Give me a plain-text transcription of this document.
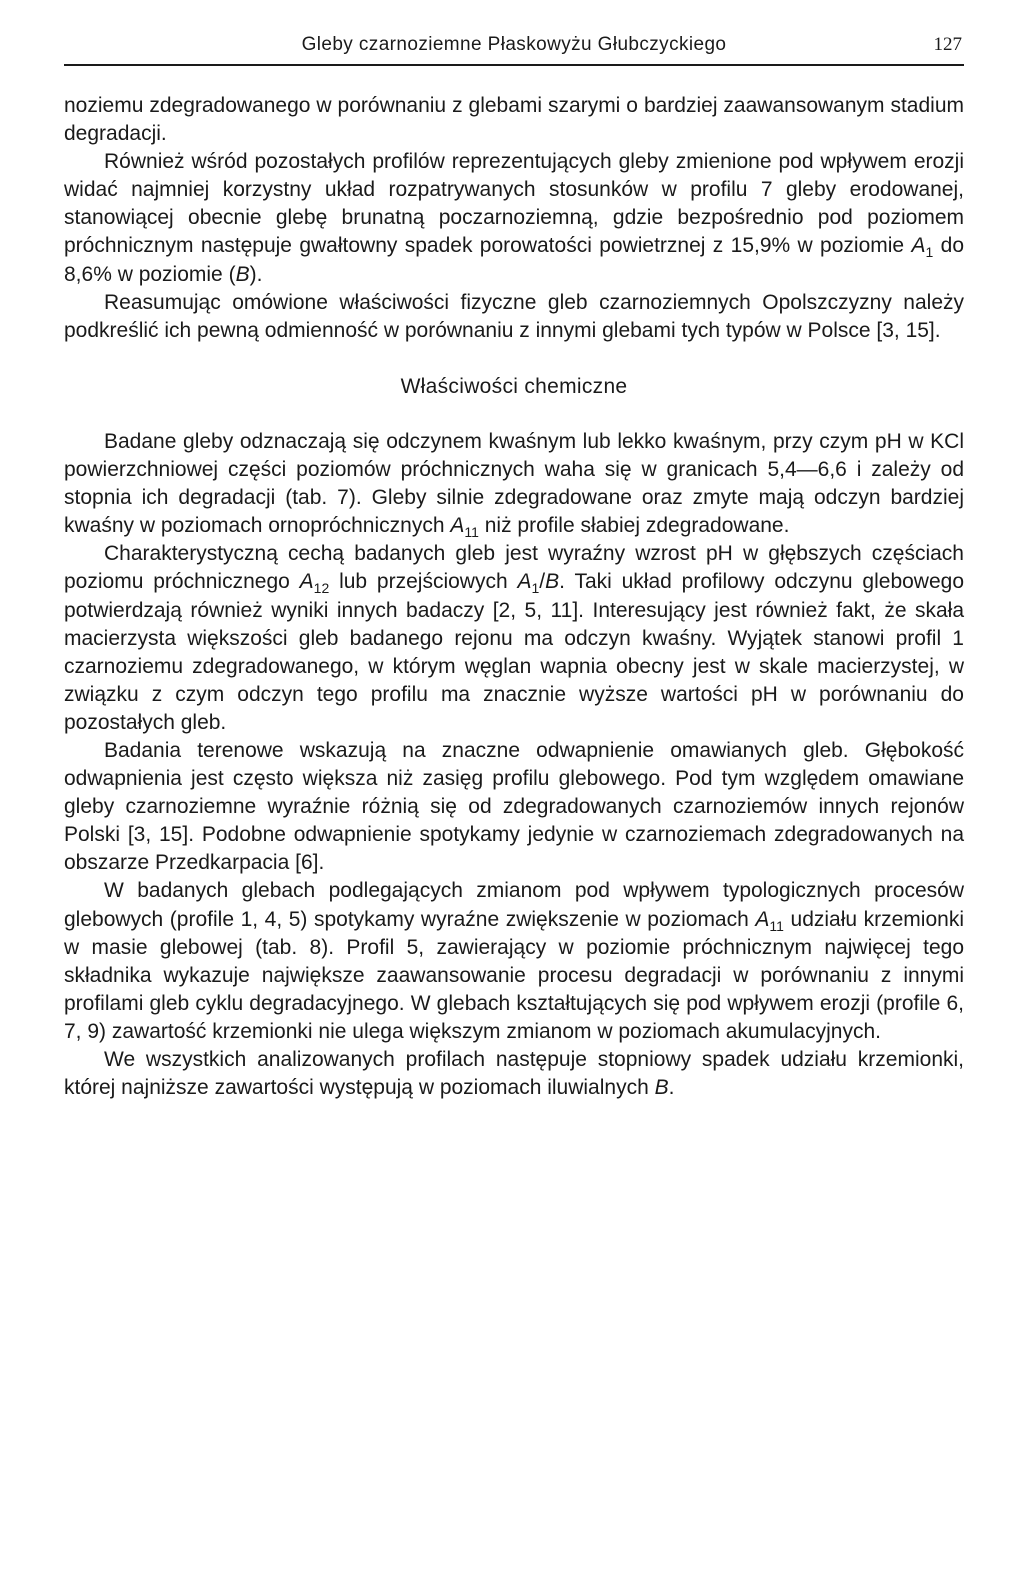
Gleby czarnoziemne Płaskowyżu Głubczyckiego	127

noziemu zdegradowanego w porównaniu z glebami szarymi o bardziej zaawansowanym stadium degradacji.

Również wśród pozostałych profilów reprezentujących gleby zmienione pod wpływem erozji widać najmniej korzystny układ rozpatrywanych stosunków w profilu 7 gleby erodowanej, stanowiącej obecnie glebę brunatną poczarnoziemną, gdzie bezpośrednio pod poziomem próchnicznym następuje gwałtowny spadek porowatości powietrznej z 15,9% w poziomie $A_1$ do 8,6% w poziomie (B).

Reasumując omówione właściwości fizyczne gleb czarnoziemnych Opolszczyzny należy podkreślić ich pewną odmienność w porównaniu z innymi glebami tych typów w Polsce [3, 15].

Właściwości chemiczne

Badane gleby odznaczają się odczynem kwaśnym lub lekko kwaśnym, przy czym pH w KCl powierzchniowej części poziomów próchnicznych waha się w granicach 5,4—6,6 i zależy od stopnia ich degradacji (tab. 7). Gleby silnie zdegradowane oraz zmyte mają odczyn bardziej kwaśny w poziomach ornopróchnicznych $A_{11}$ niż profile słabiej zdegradowane.

Charakterystyczną cechą badanych gleb jest wyraźny wzrost pH w głębszych częściach poziomu próchnicznego $A_{12}$ lub przejściowych $A_1/B$. Taki układ profilowy odczynu glebowego potwierdzają również wyniki innych badaczy [2, 5, 11]. Interesujący jest również fakt, że skała macierzysta większości gleb badanego rejonu ma odczyn kwaśny. Wyjątek stanowi profil 1 czarnoziemu zdegradowanego, w którym węglan wapnia obecny jest w skale macierzystej, w związku z czym odczyn tego profilu ma znacznie wyższe wartości pH w porównaniu do pozostałych gleb.

Badania terenowe wskazują na znaczne odwapnienie omawianych gleb. Głębokość odwapnienia jest często większa niż zasięg profilu glebowego. Pod tym względem omawiane gleby czarnoziemne wyraźnie różnią się od zdegradowanych czarnoziemów innych rejonów Polski [3, 15]. Podobne odwapnienie spotykamy jedynie w czarnoziemach zdegradowanych na obszarze Przedkarpacia [6].

W badanych glebach podlegających zmianom pod wpływem typologicznych procesów glebowych (profile 1, 4, 5) spotykamy wyraźne zwiększenie w poziomach $A_{11}$ udziału krzemionki w masie glebowej (tab. 8). Profil 5, zawierający w poziomie próchnicznym najwięcej tego składnika wykazuje największe zaawansowanie procesu degradacji w porównaniu z innymi profilami gleb cyklu degradacyjnego. W glebach kształtujących się pod wpływem erozji (profile 6, 7, 9) zawartość krzemionki nie ulega większym zmianom w poziomach akumulacyjnych.

We wszystkich analizowanych profilach następuje stopniowy spadek udziału krzemionki, której najniższe zawartości występują w poziomach iluwialnych B.
